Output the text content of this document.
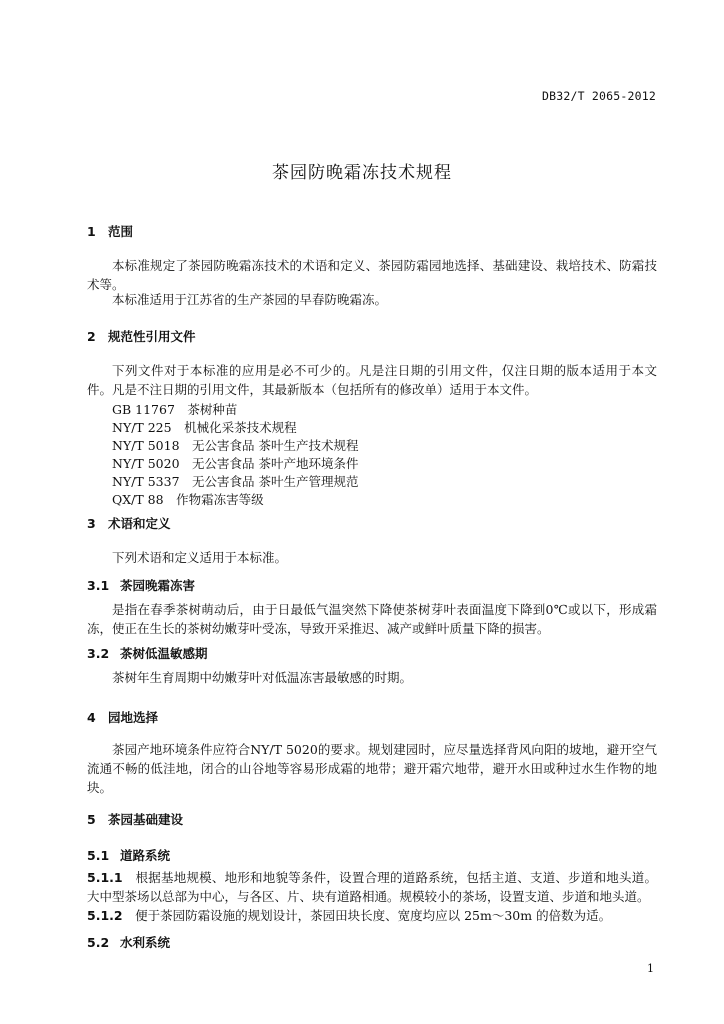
DB32/T 2065-2012
茶园防晚霜冻技术规程
1 范围
本标准规定了茶园防晚霜冻技术的术语和定义、茶园防霜园地选择、基础建设、栽培技术、防霜技术等。
本标准适用于江苏省的生产茶园的早春防晚霜冻。
2 规范性引用文件
下列文件对于本标准的应用是必不可少的。凡是注日期的引用文件，仅注日期的版本适用于本文件。凡是不注日期的引用文件，其最新版本（包括所有的修改单）适用于本文件。
GB 11767　茶树种苗
NY/T 225　机械化采茶技术规程
NY/T 5018　无公害食品 茶叶生产技术规程
NY/T 5020　无公害食品 茶叶产地环境条件
NY/T 5337　无公害食品 茶叶生产管理规范
QX/T 88　作物霜冻害等级
3 术语和定义
下列术语和定义适用于本标准。
3.1 茶园晚霜冻害
是指在春季茶树萌动后，由于日最低气温突然下降使茶树芽叶表面温度下降到0℃或以下，形成霜冻，使正在生长的茶树幼嫩芽叶受冻，导致开采推迟、减产或鲜叶质量下降的损害。
3.2 茶树低温敏感期
茶树年生育周期中幼嫩芽叶对低温冻害最敏感的时期。
4 园地选择
茶园产地环境条件应符合NY/T 5020的要求。规划建园时，应尽量选择背风向阳的坡地，避开空气流通不畅的低洼地，闭合的山谷地等容易形成霜的地带；避开霜穴地带，避开水田或种过水生作物的地块。
5 茶园基础建设
5.1 道路系统
5.1.1　 根据基地规模、地形和地貌等条件，设置合理的道路系统，包括主道、支道、步道和地头道。大中型茶场以总部为中心，与各区、片、块有道路相通。规模较小的茶场，设置支道、步道和地头道。
5.1.2　 便于茶园防霜设施的规划设计，茶园田块长度、宽度均应以 25m～30m 的倍数为适。
5.2 水利系统
1
